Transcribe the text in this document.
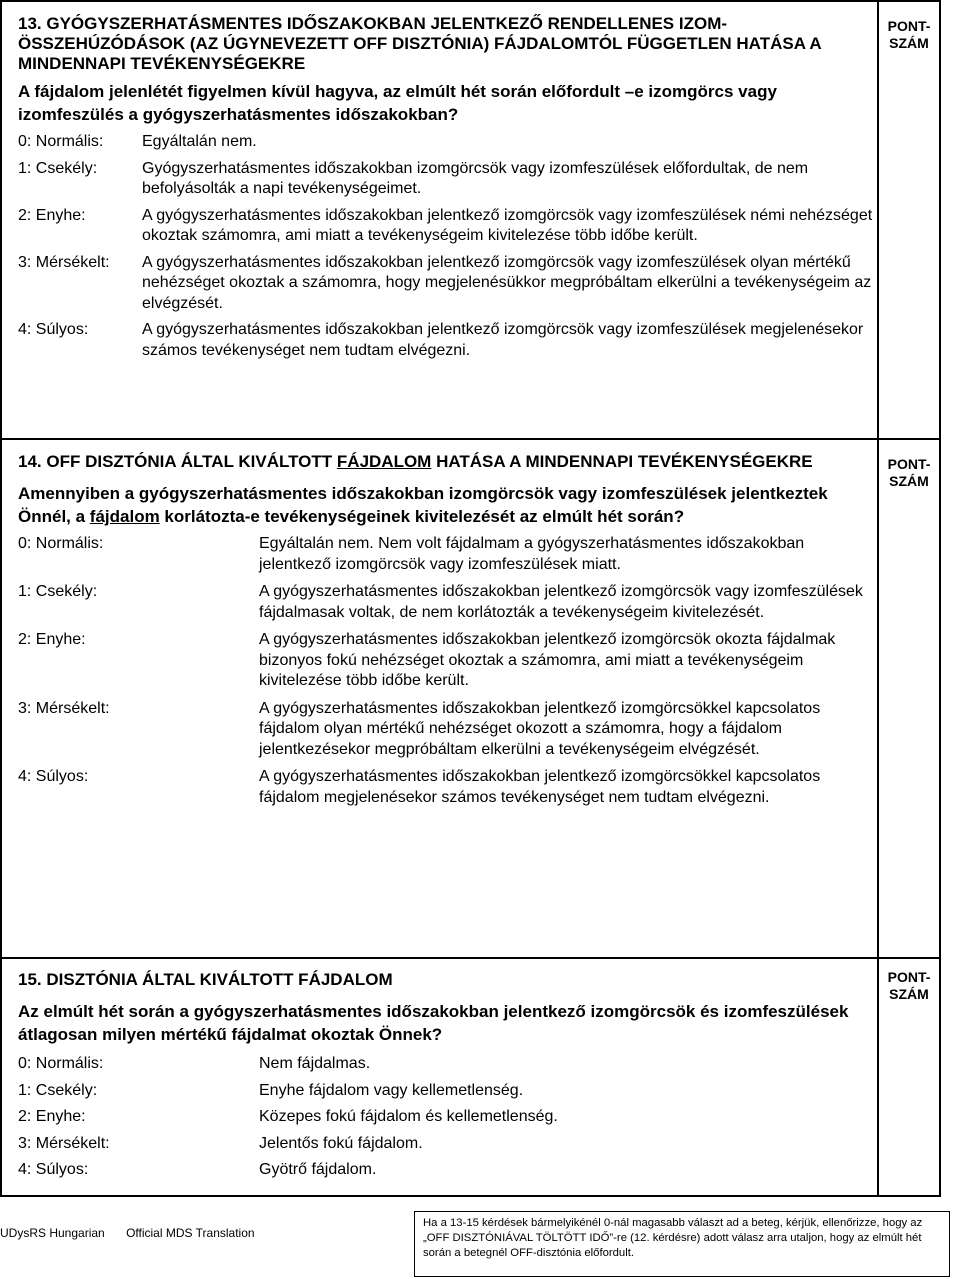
PONT-
SZÁM
13. GYÓGYSZERHATÁSMENTES IDŐSZAKOKBAN JELENTKEZŐ RENDELLENES IZOM-ÖSSZEHÚZÓDÁSOK (AZ ÚGYNEVEZETT OFF DISZTÓNIA) FÁJDALOMTÓL FÜGGETLEN HATÁSA A MINDENNAPI TEVÉKENYSÉGEKRE
A fájdalom jelenlétét figyelmen kívül hagyva, az elmúlt hét során előfordult –e izomgörcs vagy izomfeszülés a gyógyszerhatásmentes időszakokban?
0: Normális:	Egyáltalán nem.
1: Csekély:	Gyógyszerhatásmentes időszakokban izomgörcsök vagy izomfeszülések előfordultak, de nem befolyásolták a napi tevékenységeimet.
2: Enyhe:	A gyógyszerhatásmentes időszakokban jelentkező izomgörcsök vagy izomfeszülések némi nehézséget okoztak számomra, ami miatt a tevékenységeim kivitelezése több időbe került.
3: Mérsékelt:	A gyógyszerhatásmentes időszakokban jelentkező izomgörcsök vagy izomfeszülések olyan mértékű nehézséget okoztak a számomra, hogy megjelenésükkor megpróbáltam elkerülni a tevékenységeim az elvégzését.
4: Súlyos:	A gyógyszerhatásmentes időszakokban jelentkező izomgörcsök vagy izomfeszülések megjelenésekor számos tevékenységet nem tudtam elvégezni.
PONT-
SZÁM
14. OFF DISZTÓNIA ÁLTAL KIVÁLTOTT FÁJDALOM HATÁSA A MINDENNAPI TEVÉKENYSÉGEKRE
Amennyiben a gyógyszerhatásmentes időszakokban izomgörcsök vagy izomfeszülések jelentkeztek Önnél, a fájdalom korlátozta-e tevékenységeinek kivitelezését az elmúlt hét során?
0: Normális:	Egyáltalán nem. Nem volt fájdalmam a gyógyszerhatásmentes időszakokban jelentkező izomgörcsök vagy izomfeszülések miatt.
1: Csekély:	A gyógyszerhatásmentes időszakokban jelentkező izomgörcsök vagy izomfeszülések fájdalmasak voltak, de nem korlátozták a tevékenységeim kivitelezését.
2: Enyhe:	A gyógyszerhatásmentes időszakokban jelentkező izomgörcsök okozta fájdalmak bizonyos fokú nehézséget okoztak a számomra, ami miatt a tevékenységeim kivitelezése több időbe került.
3: Mérsékelt:	A gyógyszerhatásmentes időszakokban jelentkező izomgörcsökkel kapcsolatos fájdalom olyan mértékű nehézséget okozott a számomra, hogy a fájdalom jelentkezésekor megpróbáltam elkerülni a tevékenységeim elvégzését.
4: Súlyos:	A gyógyszerhatásmentes időszakokban jelentkező izomgörcsökkel kapcsolatos fájdalom megjelenésekor számos tevékenységet nem tudtam elvégezni.
PONT-
SZÁM
15. DISZTÓNIA ÁLTAL KIVÁLTOTT FÁJDALOM
Az elmúlt hét során a gyógyszerhatásmentes időszakokban jelentkező izomgörcsök és izomfeszülések átlagosan milyen mértékű fájdalmat okoztak Önnek?
0: Normális:	Nem fájdalmas.
1: Csekély:	Enyhe fájdalom vagy kellemetlenség.
2: Enyhe:	Közepes fokú fájdalom és kellemetlenség.
3: Mérsékelt:	Jelentős fokú fájdalom.
4: Súlyos:	Gyötrő fájdalom.
UDysRS Hungarian Official MDS Translation
Ha a 13-15 kérdések bármelyikénél 0-nál magasabb választ ad a beteg, kérjük, ellenőrizze, hogy az „OFF DISZTÓNIÁVAL TÖLTÖTT IDŐ”-re (12. kérdésre) adott válasz arra utaljon, hogy az elmúlt hét során a betegnél OFF-disztónia előfordult.
